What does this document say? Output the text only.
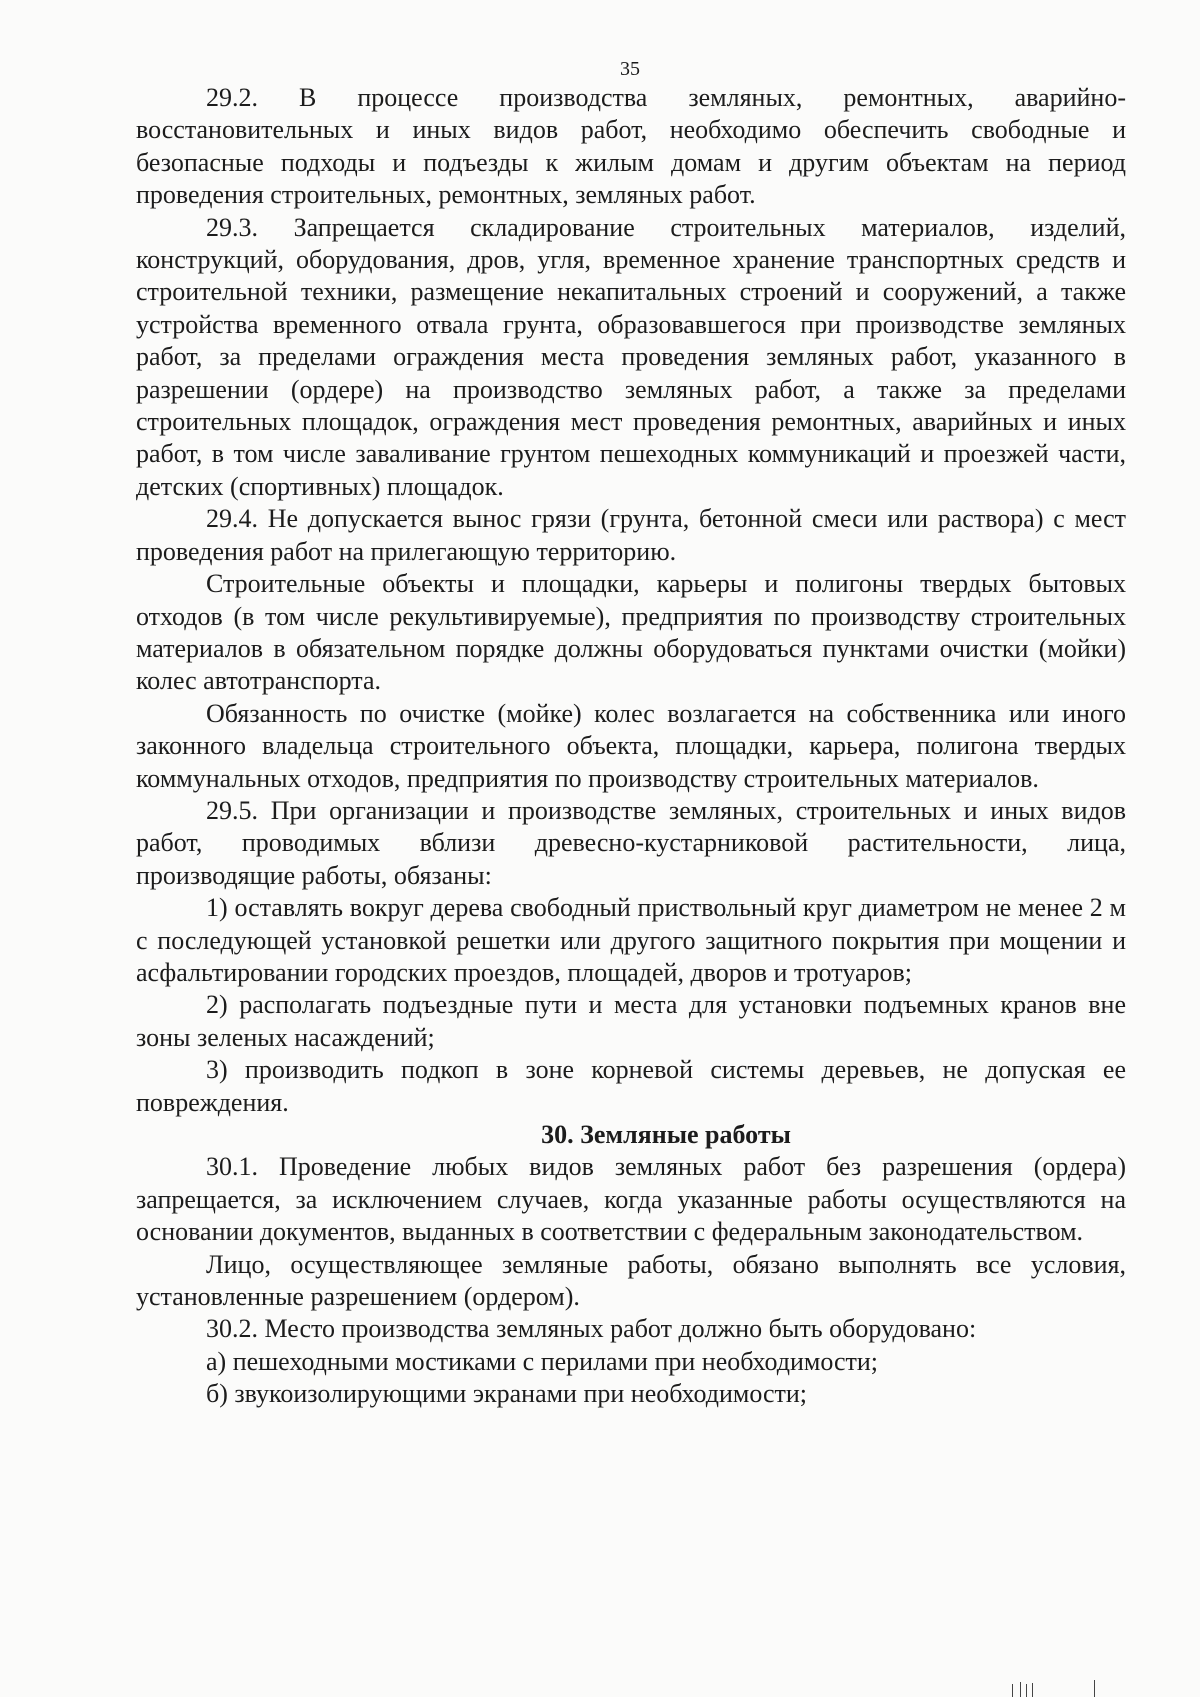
35

29.2. В процессе производства земляных, ремонтных, аварийно-восстановительных и иных видов работ, необходимо обеспечить свободные и безопасные подходы и подъезды к жилым домам и другим объектам на период проведения строительных, ремонтных, земляных работ.

29.3. Запрещается складирование строительных материалов, изделий, конструкций, оборудования, дров, угля, временное хранение транспортных средств и строительной техники, размещение некапитальных строений и сооружений, а также устройства временного отвала грунта, образовавшегося при производстве земляных работ, за пределами ограждения места проведения земляных работ, указанного в разрешении (ордере) на производство земляных работ, а также за пределами строительных площадок, ограждения мест проведения ремонтных, аварийных и иных работ, в том числе заваливание грунтом пешеходных коммуникаций и проезжей части, детских (спортивных) площадок.

29.4. Не допускается вынос грязи (грунта, бетонной смеси или раствора) с мест проведения работ на прилегающую территорию.

Строительные объекты и площадки, карьеры и полигоны твердых бытовых отходов (в том числе рекультивируемые), предприятия по производству строительных материалов в обязательном порядке должны оборудоваться пунктами очистки (мойки) колес автотранспорта.

Обязанность по очистке (мойке) колес возлагается на собственника или иного законного владельца строительного объекта, площадки, карьера, полигона твердых коммунальных отходов, предприятия по производству строительных материалов.

29.5. При организации и производстве земляных, строительных и иных видов работ, проводимых вблизи древесно-кустарниковой растительности, лица, производящие работы, обязаны:

1) оставлять вокруг дерева свободный приствольный круг диаметром не менее 2 м с последующей установкой решетки или другого защитного покрытия при мощении и асфальтировании городских проездов, площадей, дворов и тротуаров;

2) располагать подъездные пути и места для установки подъемных кранов вне зоны зеленых насаждений;

3) производить подкоп в зоне корневой системы деревьев, не допуская ее повреждения.

30. Земляные работы

30.1. Проведение любых видов земляных работ без разрешения (ордера) запрещается, за исключением случаев, когда указанные работы осуществляются на основании документов, выданных в соответствии с федеральным законодательством.

Лицо, осуществляющее земляные работы, обязано выполнять все условия, установленные разрешением (ордером).

30.2. Место производства земляных работ должно быть оборудовано:

а) пешеходными мостиками с перилами при необходимости;

б) звукоизолирующими экранами при необходимости;
